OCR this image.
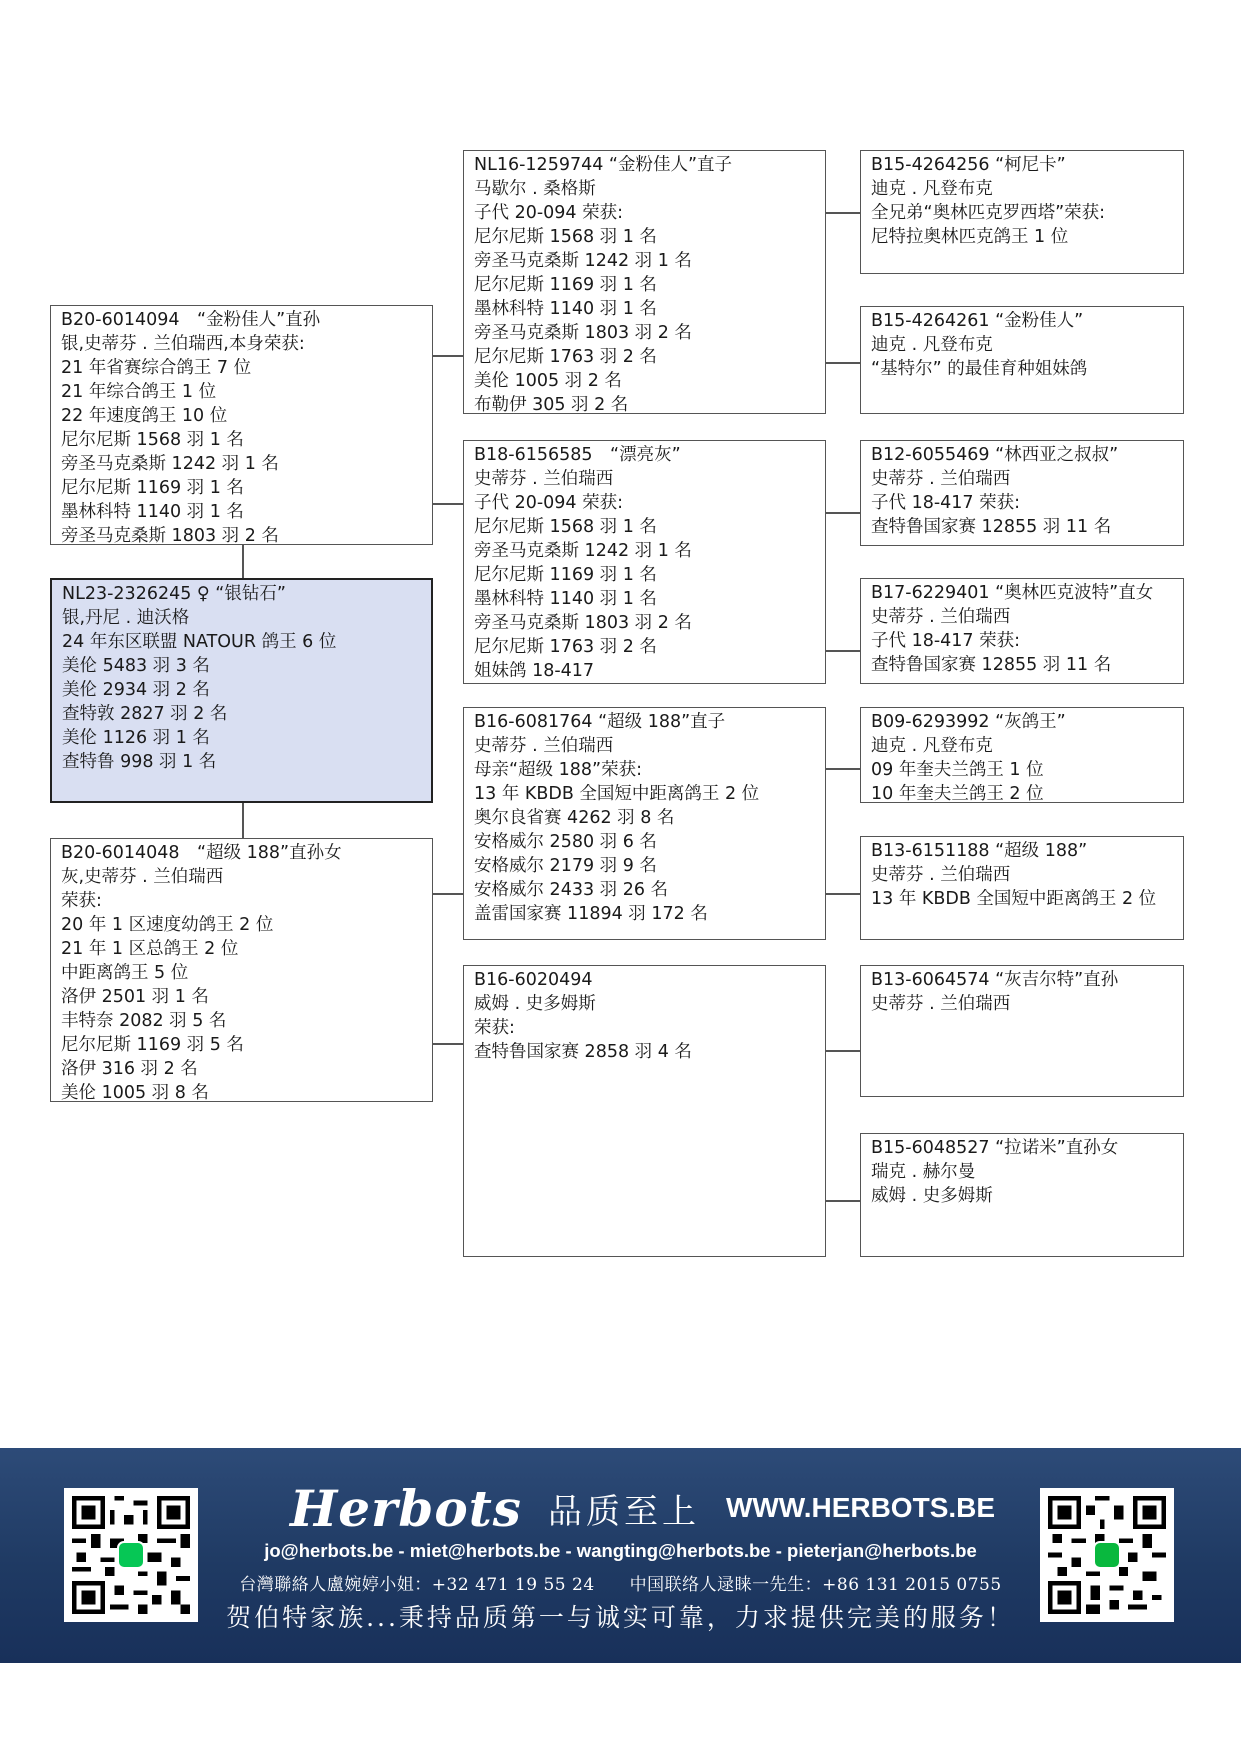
B15-4264256 “柯尼卡”
迪克 . 凡登布克
全兄弟“奥林匹克罗西塔”荣获:
尼特拉奥林匹克鸽王 1 位
B15-4264261 “金粉佳人”
迪克 . 凡登布克
“基特尔” 的最佳育种姐妹鸽
B12-6055469 “林西亚之叔叔”
史蒂芬 . 兰伯瑞西
子代 18-417 荣获:
查特鲁国家赛 12855 羽 11 名
B17-6229401 “奥林匹克波特”直女
史蒂芬 . 兰伯瑞西
子代 18-417 荣获:
查特鲁国家赛 12855 羽 11 名
B09-6293992 “灰鸽王”
迪克 . 凡登布克
09 年奎夫兰鸽王 1 位
10 年奎夫兰鸽王 2 位
B13-6151188 “超级 188”
史蒂芬 . 兰伯瑞西
13 年 KBDB 全国短中距离鸽王 2 位
B13-6064574 “灰吉尔特”直孙
史蒂芬 . 兰伯瑞西
B15-6048527 “拉诺米”直孙女
瑞克 . 赫尔曼
威姆 . 史多姆斯
NL16-1259744 “金粉佳人”直子
马歇尔 . 桑格斯
子代 20-094 荣获:
尼尔尼斯 1568 羽 1 名
旁圣马克桑斯 1242 羽 1 名
尼尔尼斯 1169 羽 1 名
墨林科特 1140 羽 1 名
旁圣马克桑斯 1803 羽 2 名
尼尔尼斯 1763 羽 2 名
美伦 1005 羽 2 名
布勒伊 305 羽 2 名
B18-6156585　“漂亮灰”
史蒂芬 . 兰伯瑞西
子代 20-094 荣获:
尼尔尼斯 1568 羽 1 名
旁圣马克桑斯 1242 羽 1 名
尼尔尼斯 1169 羽 1 名
墨林科特 1140 羽 1 名
旁圣马克桑斯 1803 羽 2 名
尼尔尼斯 1763 羽 2 名
姐妹鸽 18-417
B16-6081764 “超级 188”直子
史蒂芬 . 兰伯瑞西
母亲“超级 188”荣获:
13 年 KBDB 全国短中距离鸽王 2 位
奥尔良省赛 4262 羽 8 名
安格威尔 2580 羽 6 名
安格威尔 2179 羽 9 名
安格威尔 2433 羽 26 名
盖雷国家赛 11894 羽 172 名
B16-6020494
威姆 . 史多姆斯
荣获:
查特鲁国家赛 2858 羽 4 名
B20-6014094　“金粉佳人”直孙
银,史蒂芬 . 兰伯瑞西,本身荣获:
21 年省赛综合鸽王 7 位
21 年综合鸽王 1 位
22 年速度鸽王 10 位
尼尔尼斯 1568 羽 1 名
旁圣马克桑斯 1242 羽 1 名
尼尔尼斯 1169 羽 1 名
墨林科特 1140 羽 1 名
旁圣马克桑斯 1803 羽 2 名
NL23-2326245 ♀ “银钻石”
银,丹尼 . 迪沃格
24 年东区联盟 NATOUR 鸽王 6 位
美伦 5483 羽 3 名
美伦 2934 羽 2 名
查特敦 2827 羽 2 名
美伦 1126 羽 1 名
查特鲁 998 羽 1 名
B20-6014048　“超级 188”直孙女
灰,史蒂芬 . 兰伯瑞西
荣获:
20 年 1 区速度幼鸽王 2 位
21 年 1 区总鸽王 2 位
中距离鸽王 5 位
洛伊 2501 羽 1 名
丰特奈 2082 羽 5 名
尼尔尼斯 1169 羽 5 名
洛伊 316 羽 2 名
美伦 1005 羽 8 名
Herbots 品质至上 WWW.HERBOTS.BE
jo@herbots.be - miet@herbots.be - wangting@herbots.be - pieterjan@herbots.be
台灣聯絡人盧婉婷小姐：+32 471 19 55 24　　中国联络人逯睐一先生：+86 131 2015 0755
贺伯特家族...秉持品质第一与诚实可靠，力求提供完美的服务！
